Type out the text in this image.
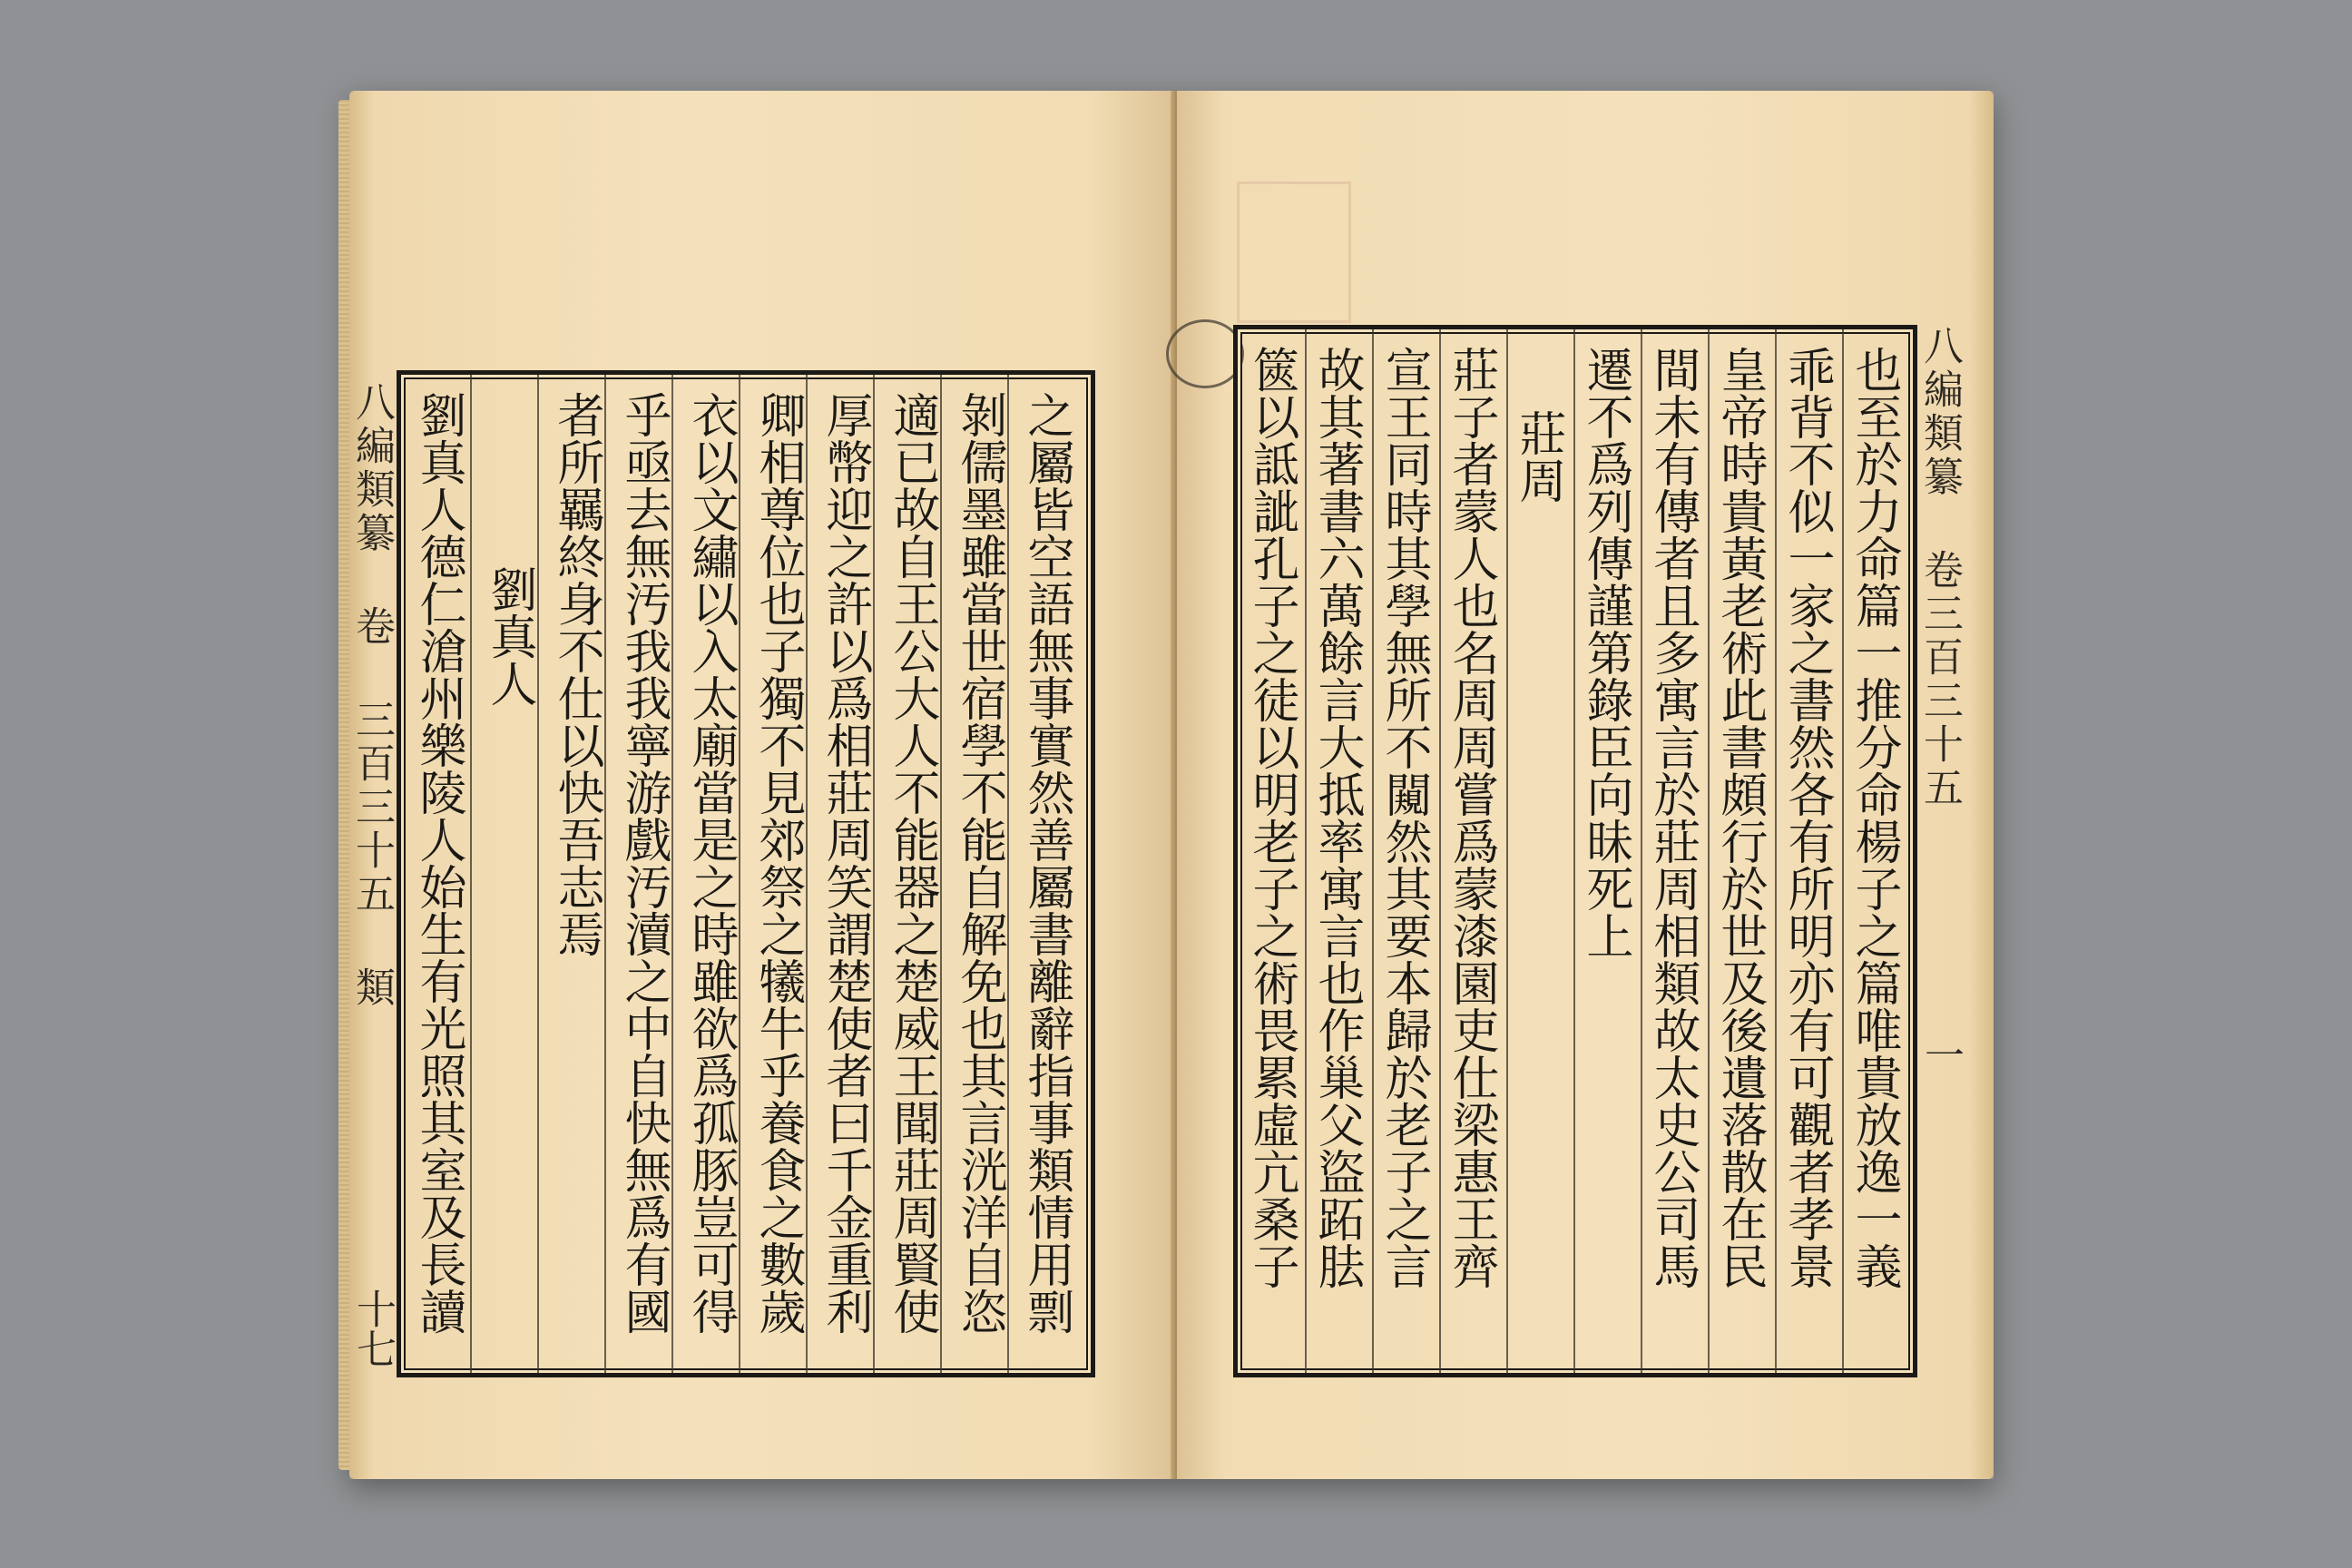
八編類纂 卷 三百三十五 類
十七	之屬皆空語無事實然善屬書離辭指事類情用剽
剝儒墨雖當世宿學不能自解免也其言洸洋自恣
適已故自王公大人不能器之楚威王聞莊周賢使
厚幣迎之許以爲相莊周笑謂楚使者曰千金重利
卿相尊位也子獨不見郊祭之犧牛乎養食之數歲
衣以文繡以入太廟當是之時雖欲爲孤豚豈可得
乎亟去無汚我我寧游戲汚瀆之中自快無爲有國
者所羈終身不仕以快吾志焉
劉真人
劉真人德仁滄州樂陵人始生有光照其室及長讀	也至於力命篇一推分命楊子之篇唯貴放逸一義
乖背不似一家之書然各有所明亦有可觀者孝景
皇帝時貴黃老術此書頗行於世及後遺落散在民
間未有傳者且多寓言於莊周相類故太史公司馬
遷不爲列傳謹第錄臣向昧死上
莊周
莊子者蒙人也名周周嘗爲蒙漆園吏仕梁惠王齊
宣王同時其學無所不闚然其要本歸於老子之言
故其著書六萬餘言大抵率寓言也作巢父盜跖胠
篋以詆訿孔子之徒以明老子之術畏累虛亢桑子	八編類纂 卷三百三十五
一
